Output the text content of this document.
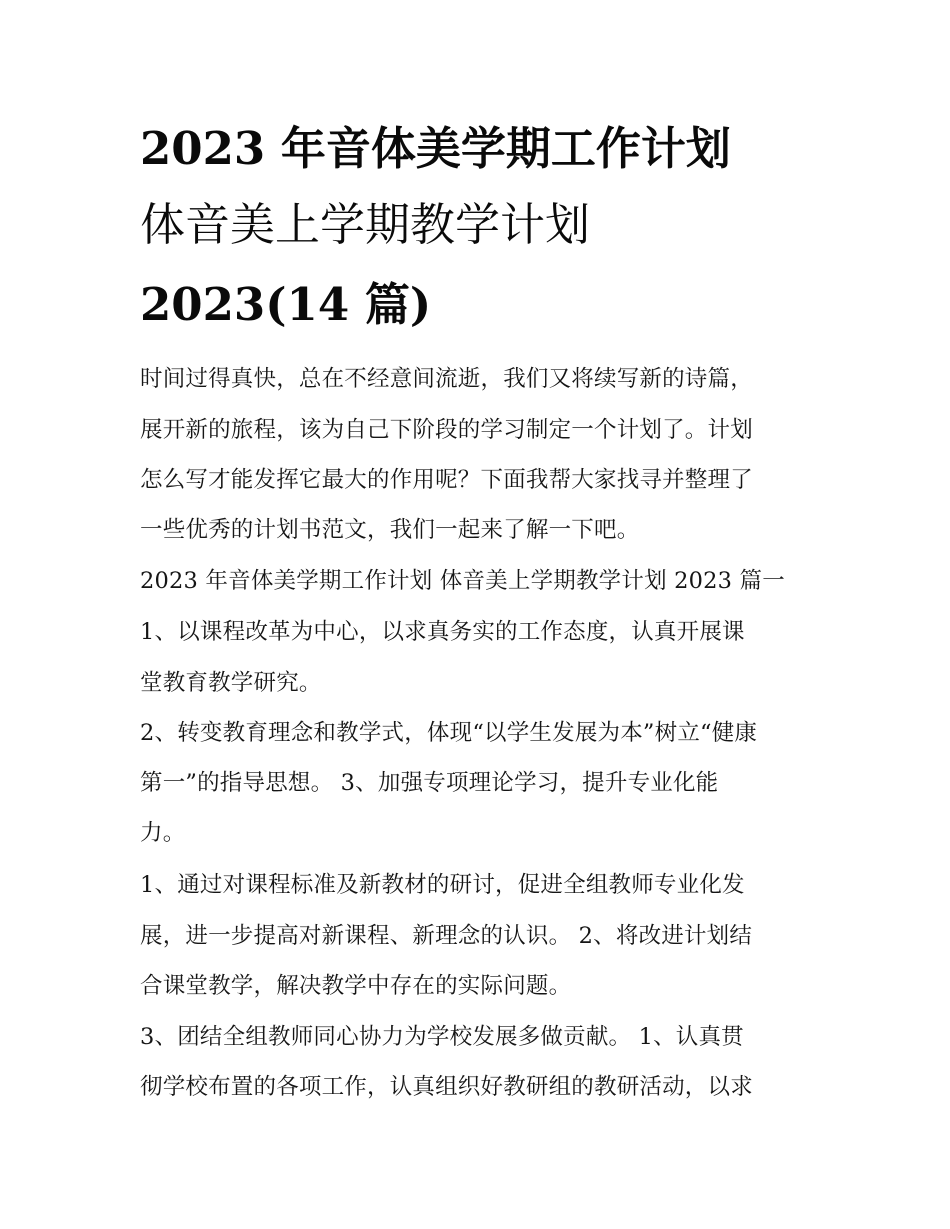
2023 年音体美学期工作计划
体音美上学期教学计划
2023(14 篇)

时间过得真快，总在不经意间流逝，我们又将续写新的诗篇，

展开新的旅程，该为自己下阶段的学习制定一个计划了。计划

怎么写才能发挥它最大的作用呢？下面我帮大家找寻并整理了

一些优秀的计划书范文，我们一起来了解一下吧。

2023 年音体美学期工作计划 体音美上学期教学计划 2023 篇一

1、以课程改革为中心，以求真务实的工作态度，认真开展课

堂教育教学研究。

2、转变教育理念和教学式，体现“以学生发展为本”树立“健康

第一”的指导思想。 3、加强专项理论学习，提升专业化能

力。

1、通过对课程标准及新教材的研讨，促进全组教师专业化发

展，进一步提高对新课程、新理念的认识。 2、将改进计划结

合课堂教学，解决教学中存在的实际问题。

3、团结全组教师同心协力为学校发展多做贡献。 1、认真贯

彻学校布置的各项工作，认真组织好教研组的教研活动，以求
